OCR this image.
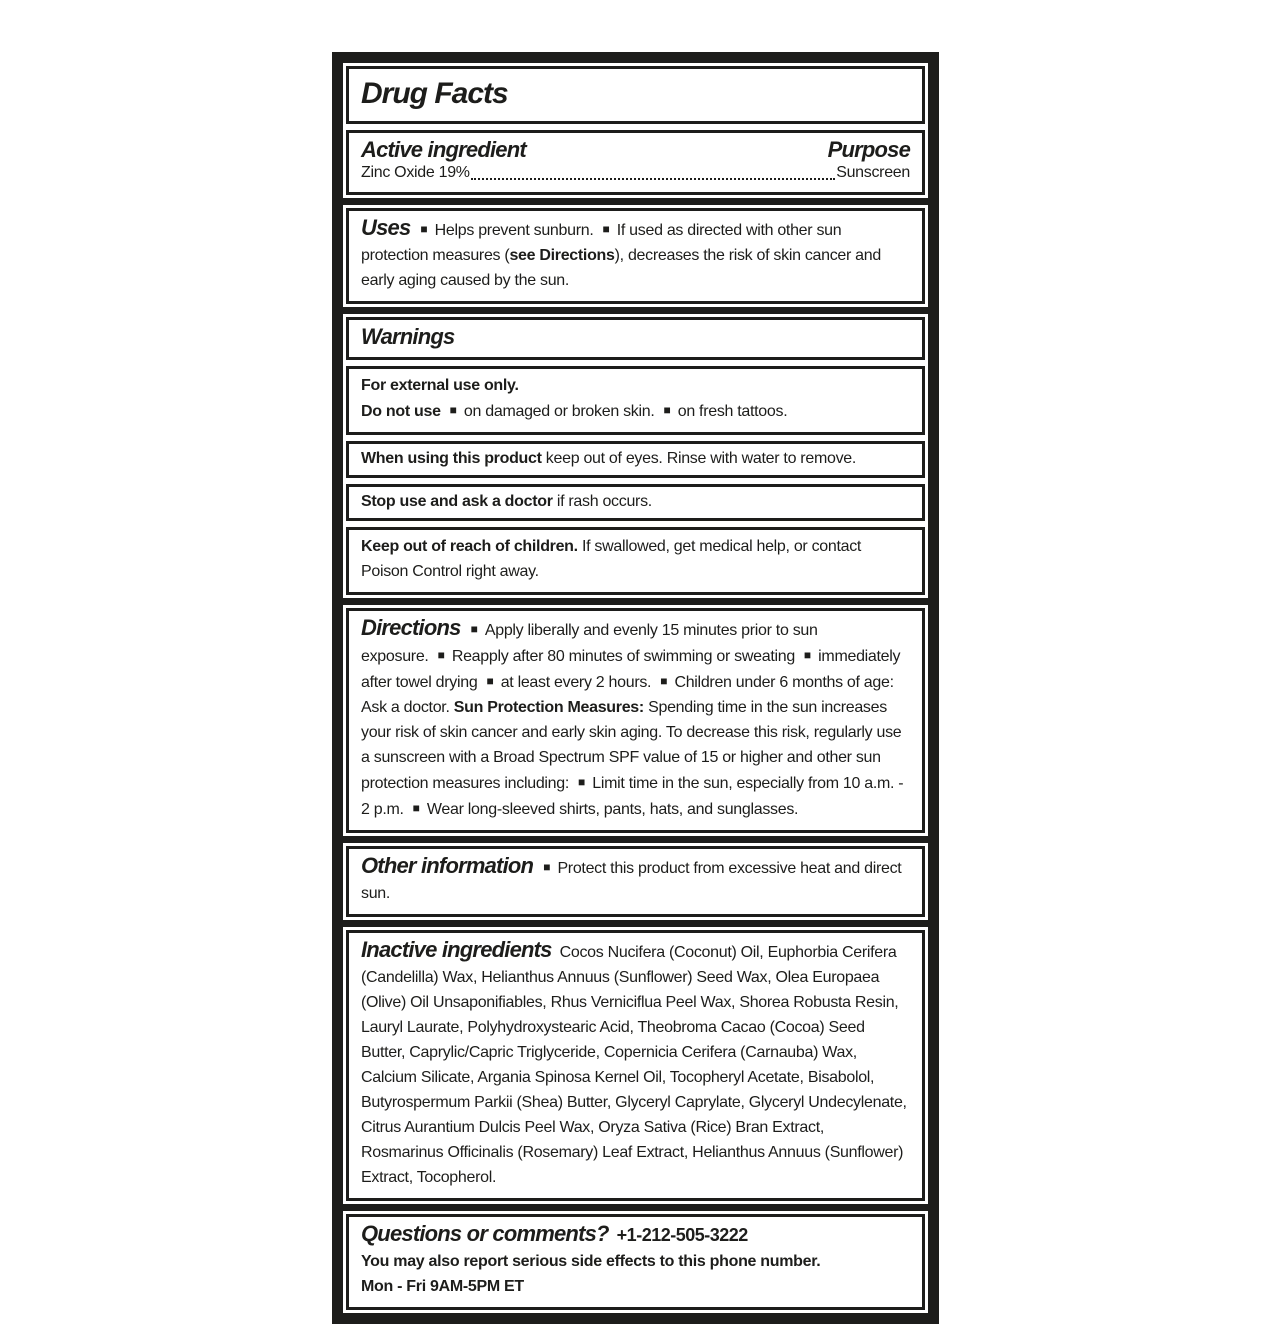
Drug Facts
Active ingredient	Purpose
Zinc Oxide 19%	Sunscreen

Uses ■ Helps prevent sunburn. ■ If used as directed with other sun protection measures (see Directions), decreases the risk of skin cancer and early aging caused by the sun.

Warnings

For external use only.

Do not use ■ on damaged or broken skin. ■ on fresh tattoos.

When using this product keep out of eyes. Rinse with water to remove.

Stop use and ask a doctor if rash occurs.

Keep out of reach of children. If swallowed, get medical help, or contact Poison Control right away.

Directions ■ Apply liberally and evenly 15 minutes prior to sun exposure. ■ Reapply after 80 minutes of swimming or sweating ■ immediately after towel drying ■ at least every 2 hours. ■ Children under 6 months of age: Ask a doctor. Sun Protection Measures: Spending time in the sun increases your risk of skin cancer and early skin aging. To decrease this risk, regularly use a sunscreen with a Broad Spectrum SPF value of 15 or higher and other sun protection measures including: ■ Limit time in the sun, especially from 10 a.m. - 2 p.m. ■ Wear long-sleeved shirts, pants, hats, and sunglasses.

Other information ■ Protect this product from excessive heat and direct sun.

Inactive ingredients Cocos Nucifera (Coconut) Oil, Euphorbia Cerifera (Candelilla) Wax, Helianthus Annuus (Sunflower) Seed Wax, Olea Europaea (Olive) Oil Unsaponifiables, Rhus Verniciflua Peel Wax, Shorea Robusta Resin, Lauryl Laurate, Polyhydroxystearic Acid, Theobroma Cacao (Cocoa) Seed Butter, Caprylic/Capric Triglyceride, Copernicia Cerifera (Carnauba) Wax, Calcium Silicate, Argania Spinosa Kernel Oil, Tocopheryl Acetate, Bisabolol, Butyrospermum Parkii (Shea) Butter, Glyceryl Caprylate, Glyceryl Undecylenate, Citrus Aurantium Dulcis Peel Wax, Oryza Sativa (Rice) Bran Extract, Rosmarinus Officinalis (Rosemary) Leaf Extract, Helianthus Annuus (Sunflower) Extract, Tocopherol.

Questions or comments? +1-212-505-3222

You may also report serious side effects to this phone number.

Mon - Fri 9AM-5PM ET
